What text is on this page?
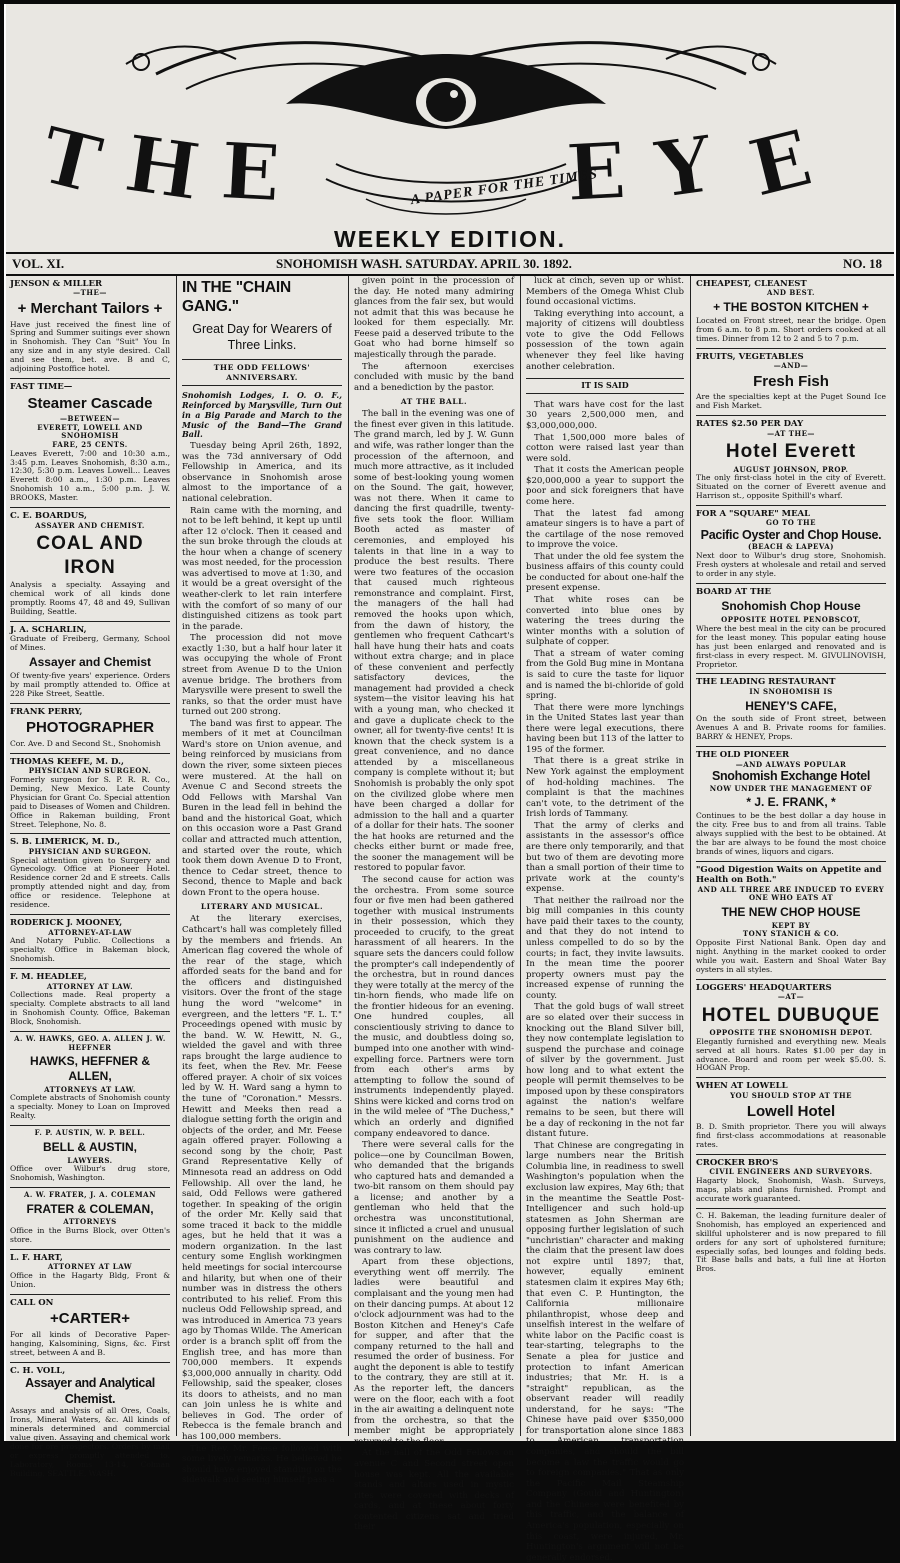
T H E	E Y E
A PAPER FOR THE TIMES
WEEKLY EDITION.
VOL. XI.	SNOHOMISH WASH. SATURDAY. APRIL 30. 1892.	NO. 18
JENSON & MILLER
—THE—
+ Merchant Tailors +
Have just received the finest line of Spring and Summer suitings ever shown in Snohomish. They Can "Suit" You In any size and in any style desired. Call and see them, bet. ave. B and C, adjoining Postoffice hotel.
FAST TIME—
Steamer Cascade
—BETWEEN—
EVERETT, LOWELL AND SNOHOMISH
FARE, 25 CENTS.
Leaves Everett, 7:00 and 10:30 a.m., 3:45 p.m. Leaves Snohomish, 8:30 a.m., 12:30, 5:30 p.m. Leaves Lowell... Leaves Everett 8:00 a.m., 1:30 p.m. Leaves Snohomish 10 a.m., 5:00 p.m. J. W. BROOKS, Master.
C. E. BOARDUS,
ASSAYER AND CHEMIST.
COAL AND IRON
Analysis a specialty. Assaying and chemical work of all kinds done promptly. Rooms 47, 48 and 49, Sullivan Building, Seattle.
J. A. SCHARLIN,
Graduate of Freiberg, Germany, School of Mines.
Assayer and Chemist
Of twenty-five years' experience. Orders by mail promptly attended to. Office at 228 Pike Street, Seattle.
FRANK PERRY,
PHOTOGRAPHER
Cor. Ave. D and Second St., Snohomish
THOMAS KEEFE, M. D.,
PHYSICIAN AND SURGEON.
Formerly surgeon for S. P. R. R. Co., Deming, New Mexico. Late County Physician for Grant Co. Special attention paid to Diseases of Women and Children. Office in Rakeman building, Front Street. Telephone, No. 8.
S. B. LIMERICK, M. D.,
PHYSICIAN AND SURGEON.
Special attention given to Surgery and Gynecology. Office at Pioneer Hotel. Residence corner 2d and E streets. Calls promptly attended night and day, from office or residence. Telephone at residence.
RODERICK J. MOONEY,
ATTORNEY-AT-LAW
And Notary Public. Collections a specialty. Office in Bakeman block, Snohomish.
F. M. HEADLEE,
ATTORNEY AT LAW.
Collections made. Real property a specialty. Complete abstracts to all land in Snohomish County. Office, Bakeman Block, Snohomish.
A. W. HAWKS, GEO. A. ALLEN J. W. HEFFNER
HAWKS, HEFFNER & ALLEN,
ATTORNEYS AT LAW.
Complete abstracts of Snohomish county a specialty. Money to Loan on Improved Realty.
F. P. AUSTIN, W. P. BELL.
BELL & AUSTIN,
LAWYERS.
Office over Wilbur's drug store, Snohomish, Washington.
A. W. FRATER, J. A. COLEMAN
FRATER & COLEMAN,
ATTORNEYS
Office in the Burns Block, over Otten's store.
L. F. HART,
ATTORNEY AT LAW
Office in the Hagarty Bldg, Front & Union.
CALL ON
+CARTER+
For all kinds of Decorative Paper-hanging, Kalsomining, Signs, &c. First street, between A and B.
C. H. VOLL,
Assayer and Analytical Chemist.
Assays and analysis of all Ores, Coals, Irons, Mineral Waters, &c. All kinds of minerals determined and commercial value given. Assaying and chemical work done for ore prospectors. Orders by mail or express promptly attended to. Laboratory, Rooms 13-14, Colman Building, SEATTLE, WASH.
IN THE "CHAIN GANG."
Great Day for Wearers of Three Links.
THE ODD FELLOWS' ANNIVERSARY.

Snohomish Lodges, I. O. O. F., Reinforced by Marysville, Turn Out in a Big Parade and March to the Music of the Band—The Grand Ball.

Tuesday being April 26th, 1892, was the 73d anniversary of Odd Fellowship in America, and its observance in Snohomish arose almost to the importance of a national celebration.

Rain came with the morning, and not to be left behind, it kept up until after 12 o'clock. Then it ceased and the sun broke through the clouds at the hour when a change of scenery was most needed, for the procession was advertised to move at 1:30, and it would be a great oversight of the weather-clerk to let rain interfere with the comfort of so many of our distinguished citizens as took part in the parade.

The procession did not move exactly 1:30, but a half hour later it was occupying the whole of Front street from Avenue D to the Union avenue bridge. The brothers from Marysville were present to swell the ranks, so that the order must have turned out 200 strong.

The band was first to appear. The members of it met at Councilman Ward's store on Union avenue, and being reinforced by musicians from down the river, some sixteen pieces were mustered. At the hall on Avenue C and Second streets the Odd Fellows with Marshal Van Buren in the lead fell in behind the band and the historical Goat, which on this occasion wore a Past Grand collar and attracted much attention, and started over the route, which took them down Avenue D to Front, thence to Cedar street, thence to Second, thence to Maple and back down Front to the opera house.

LITERARY AND MUSICAL.

At the literary exercises, Cathcart's hall was completely filled by the members and friends. An American flag covered the whole of the rear of the stage, which afforded seats for the band and for the officers and distinguished visitors. Over the front of the stage hung the word "welcome" in evergreen, and the letters "F. L. T." Proceedings opened with music by the band. W. W. Hewitt, N. G., wielded the gavel and with three raps brought the large audience to its feet, when the Rev. Mr. Feese offered prayer. A choir of six voices led by W. H. Ward sang a hymn to the tune of "Coronation." Messrs. Hewitt and Meeks then read a dialogue setting forth the origin and objects of the order, and Mr. Feese again offered prayer. Following a second song by the choir, Past Grand Representative Kelly of Minnesota read an address on Odd Fellowship. All over the land, he said, Odd Fellows were gathered together. In speaking of the origin of the order Mr. Kelly said that some traced it back to the middle ages, but he held that it was a modern organization. In the last century some English workingmen held meetings for social intercourse and hilarity, but when one of their number was in distress the others contributed to his relief. From this nucleus Odd Fellowship spread, and was introduced in America 73 years ago by Thomas Wilde. The American order is a branch split off from the English tree, and has more than 700,000 members. It expends $3,000,000 annually in charity. Odd Fellowship, said the speaker, closes its doors to atheists, and no man can join unless he is white and believes in God. The order of Rebecca is the female branch and has 100,000 members.

The Rev. Mr. Feese followed with some lively remarks. He believed he should have enjoyed standing on the sidewalk and seeing himself pass a

given point in the procession of the day. He noted many admiring glances from the fair sex, but would not admit that this was because he looked for them especially. Mr. Feese paid a deserved tribute to the Goat who had borne himself so majestically through the parade.

The afternoon exercises concluded with music by the band and a benediction by the pastor.

AT THE BALL.

The ball in the evening was one of the finest ever given in this latitude. The grand march, led by J. W. Gunn and wife, was rather longer than the procession of the afternoon, and much more attractive, as it included some of best-looking young women on the Sound. The gait, however, was not there. When it came to dancing the first quadrille, twenty-five sets took the floor. William Booth acted as master of ceremonies, and employed his talents in that line in a way to produce the best results. There were two features of the occasion that caused much righteous remonstrance and complaint. First, the managers of the hall had removed the hooks upon which, from the dawn of history, the gentlemen who frequent Cathcart's hall have hung their hats and coats without extra charge; and in place of these convenient and perfectly satisfactory devices, the management had provided a check system—the visitor leaving his hat with a young man, who checked it and gave a duplicate check to the owner, all for twenty-five cents! It is known that the check system is a great convenience, and no dance attended by a miscellaneous company is complete without it; but Snohomish is probably the only spot on the civilized globe where men have been charged a dollar for admission to the hall and a quarter of a dollar for their hats. The sooner the hat hooks are returned and the checks either burnt or made free, the sooner the management will be restored to popular favor.

The second cause for action was the orchestra. From some source four or five men had been gathered together with musical instruments in their possession, which they proceeded to crucify, to the great harassment of all hearers. In the square sets the dancers could follow the prompter's call independently of the orchestra, but in round dances they were totally at the mercy of the tin-horn fiends, who made life on the frontier hideous for an evening. One hundred couples, all conscientiously striving to dance to the music, and doubtless doing so, bumped into one another with wind-expelling force. Partners were torn from each other's arms by attempting to follow the sound of instruments independently played. Shins were kicked and corns trod on in the wild melee of "The Duchess," which an orderly and dignified company endeavored to dance.

There were several calls for the police—one by Councilman Bowen, who demanded that the brigands who captured hats and demanded a two-bit ransom on them should pay a license; and another by a gentleman who held that the orchestra was unconstitutional, since it inflicted a cruel and unusual punishment on the audience and was contrary to law.

Apart from these objections, everything went off merrily. The ladies were beautiful and complaisant and the young men had on their dancing pumps. At about 12 o'clock adjournment was had to the Boston Kitchen and Heney's Cafe for supper, and after that the company returned to the hall and resumed the order of business. For aught the deponent is able to testify to the contrary, they are still at it. As the reporter left, the dancers were on the floor, each with a foot in the air awaiting a delinquent note from the orchestra, so that the member might be appropriately returned to the floor.

At the hall of the Odd Fellows on avenue C and Second street open house was kept. All the available stands and altars used in mystic rites were covered with decks of cards, and at these about forty contented citizens sat and tried their

luck at cinch, seven up or whist. Members of the Omega Whist Club found occasional victims.

Taking everything into account, a majority of citizens will doubtless vote to give the Odd Fellows possession of the town again whenever they feel like having another celebration.

IT IS SAID

That wars have cost for the last 30 years 2,500,000 men, and $3,000,000,000.

That 1,500,000 more bales of cotton were raised last year than were sold.

That it costs the American people $20,000,000 a year to support the poor and sick foreigners that have come here.

That the latest fad among amateur singers is to have a part of the cartilage of the nose removed to improve the voice.

That under the old fee system the business affairs of this county could be conducted for about one-half the present expense.

That white roses can be converted into blue ones by watering the trees during the winter months with a solution of sulphate of copper.

That a stream of water coming from the Gold Bug mine in Montana is said to cure the taste for liquor and is named the bi-chloride of gold spring.

That there were more lynchings in the United States last year than there were legal executions, there having been but 113 of the latter to 195 of the former.

That there is a great strike in New York against the employment of hod-holding machines. The complaint is that the machines can't vote, to the detriment of the Irish lords of Tammany.

That the army of clerks and assistants in the assessor's office are there only temporarily, and that but two of them are devoting more than a small portion of their time to private work at the county's expense.

That neither the railroad nor the big mill companies in this county have paid their taxes to the county, and that they do not intend to unless compelled to do so by the courts; in fact, they invite lawsuits. In the mean time the poorer property owners must pay the increased expense of running the county.

That the gold bugs of wall street are so elated over their success in knocking out the Bland Silver bill, they now contemplate legislation to suspend the purchase and coinage of silver by the government. Just how long and to what extent the people will permit themselves to be imposed upon by these conspirators against the nation's welfare remains to be seen, but there will be a day of reckoning in the not far distant future.

That Chinese are congregating in large numbers near the British Columbia line, in readiness to swell Washington's population when the exclusion law expires, May 6th; that in the meantime the Seattle Post-Intelligencer and such hold-up statesmen as John Sherman are opposing further legislation of such "unchristian" character and making the claim that the present law does not expire until 1897; that, however, equally eminent statesmen claim it expires May 6th; that even C. P. Huntington, the California millionaire philanthropist, whose deep and unselfish interest in the welfare of white labor on the Pacific coast is tear-starting, telegraphs to the Senate a plea for justice and protection to infant American industries; that Mr. H. is a "straight" republican, as the observant reader will readily understand, for he says: "The Chinese have paid over $350,000 for transportation alone since 1883 to American transportation companies, and should the bill become a law the traffic would go to foreign companies." That as only the Pacific Mail Steamship Company (Gould and Huntington) and the Chinese were benefited by this traffic, and the balance of America's population, especially on this coast, were injured, Mr. Huntington's argument will not be generally endorsed.

CHEAPEST, CLEANEST
AND BEST.
+ THE BOSTON KITCHEN +
Located on Front street, near the bridge. Open from 6 a.m. to 8 p.m. Short orders cooked at all times. Dinner from 12 to 2 and 5 to 7 p.m.
FRUITS, VEGETABLES
—AND—
Fresh Fish
Are the specialties kept at the Puget Sound Ice and Fish Market.
RATES $2.50 PER DAY
—AT THE—
Hotel Everett
AUGUST JOHNSON, PROP.
The only first-class hotel in the city of Everett. Situated on the corner of Everett avenue and Harrison st., opposite Spithill's wharf.
FOR A "SQUARE" MEAL
GO TO THE
Pacific Oyster and Chop House.
(BEACH & LAPEVA)
Next door to Wilbur's drug store, Snohomish. Fresh oysters at wholesale and retail and served to order in any style.
BOARD AT THE
Snohomish Chop House
OPPOSITE HOTEL PENOBSCOT,
Where the best meal in the city can be procured for the least money. This popular eating house has just been enlarged and renovated and is first-class in every respect. M. GIVULINOVISH, Proprietor.
THE LEADING RESTAURANT
IN SNOHOMISH IS
HENEY'S CAFE,
On the south side of Front street, between Avenues A and B. Private rooms for families. BARRY & HENEY, Props.
THE OLD PIONEER
—AND ALWAYS POPULAR
Snohomish Exchange Hotel
NOW UNDER THE MANAGEMENT OF
* J. E. FRANK, *
Continues to be the best dollar a day house in the city. Free bus to and from all trains. Table always supplied with the best to be obtained. At the bar are always to be found the most choice brands of wines, liquors and cigars.
"Good Digestion Waits on Appetite and Health on Both."
AND ALL THREE ARE INDUCED TO EVERY ONE WHO EATS AT
THE NEW CHOP HOUSE
KEPT BY
TONY STANICH & CO.
Opposite First National Bank. Open day and night. Anything in the market cooked to order while you wait. Eastern and Shoal Water Bay oysters in all styles.
LOGGERS' HEADQUARTERS
—AT—
HOTEL DUBUQUE
OPPOSITE THE SNOHOMISH DEPOT.
Elegantly furnished and everything new. Meals served at all hours. Rates $1.00 per day in advance. Board and room per week $5.00. S. HOGAN Prop.
WHEN AT LOWELL
YOU SHOULD STOP AT THE
Lowell Hotel
B. D. Smith proprietor. There you will always find first-class accommodations at reasonable rates.
CROCKER BRO'S
CIVIL ENGINEERS AND SURVEYORS.
Hagarty block, Snohomish, Wash. Surveys, maps, plats and plans furnished. Prompt and accurate work guaranteed.
C. H. Bakeman, the leading furniture dealer of Snohomish, has employed an experienced and skillful upholsterer and is now prepared to fill orders for any sort of upholstered furniture; especially sofas, bed lounges and folding beds. Tit Base balls and bats, a full line at Horton Bros.
